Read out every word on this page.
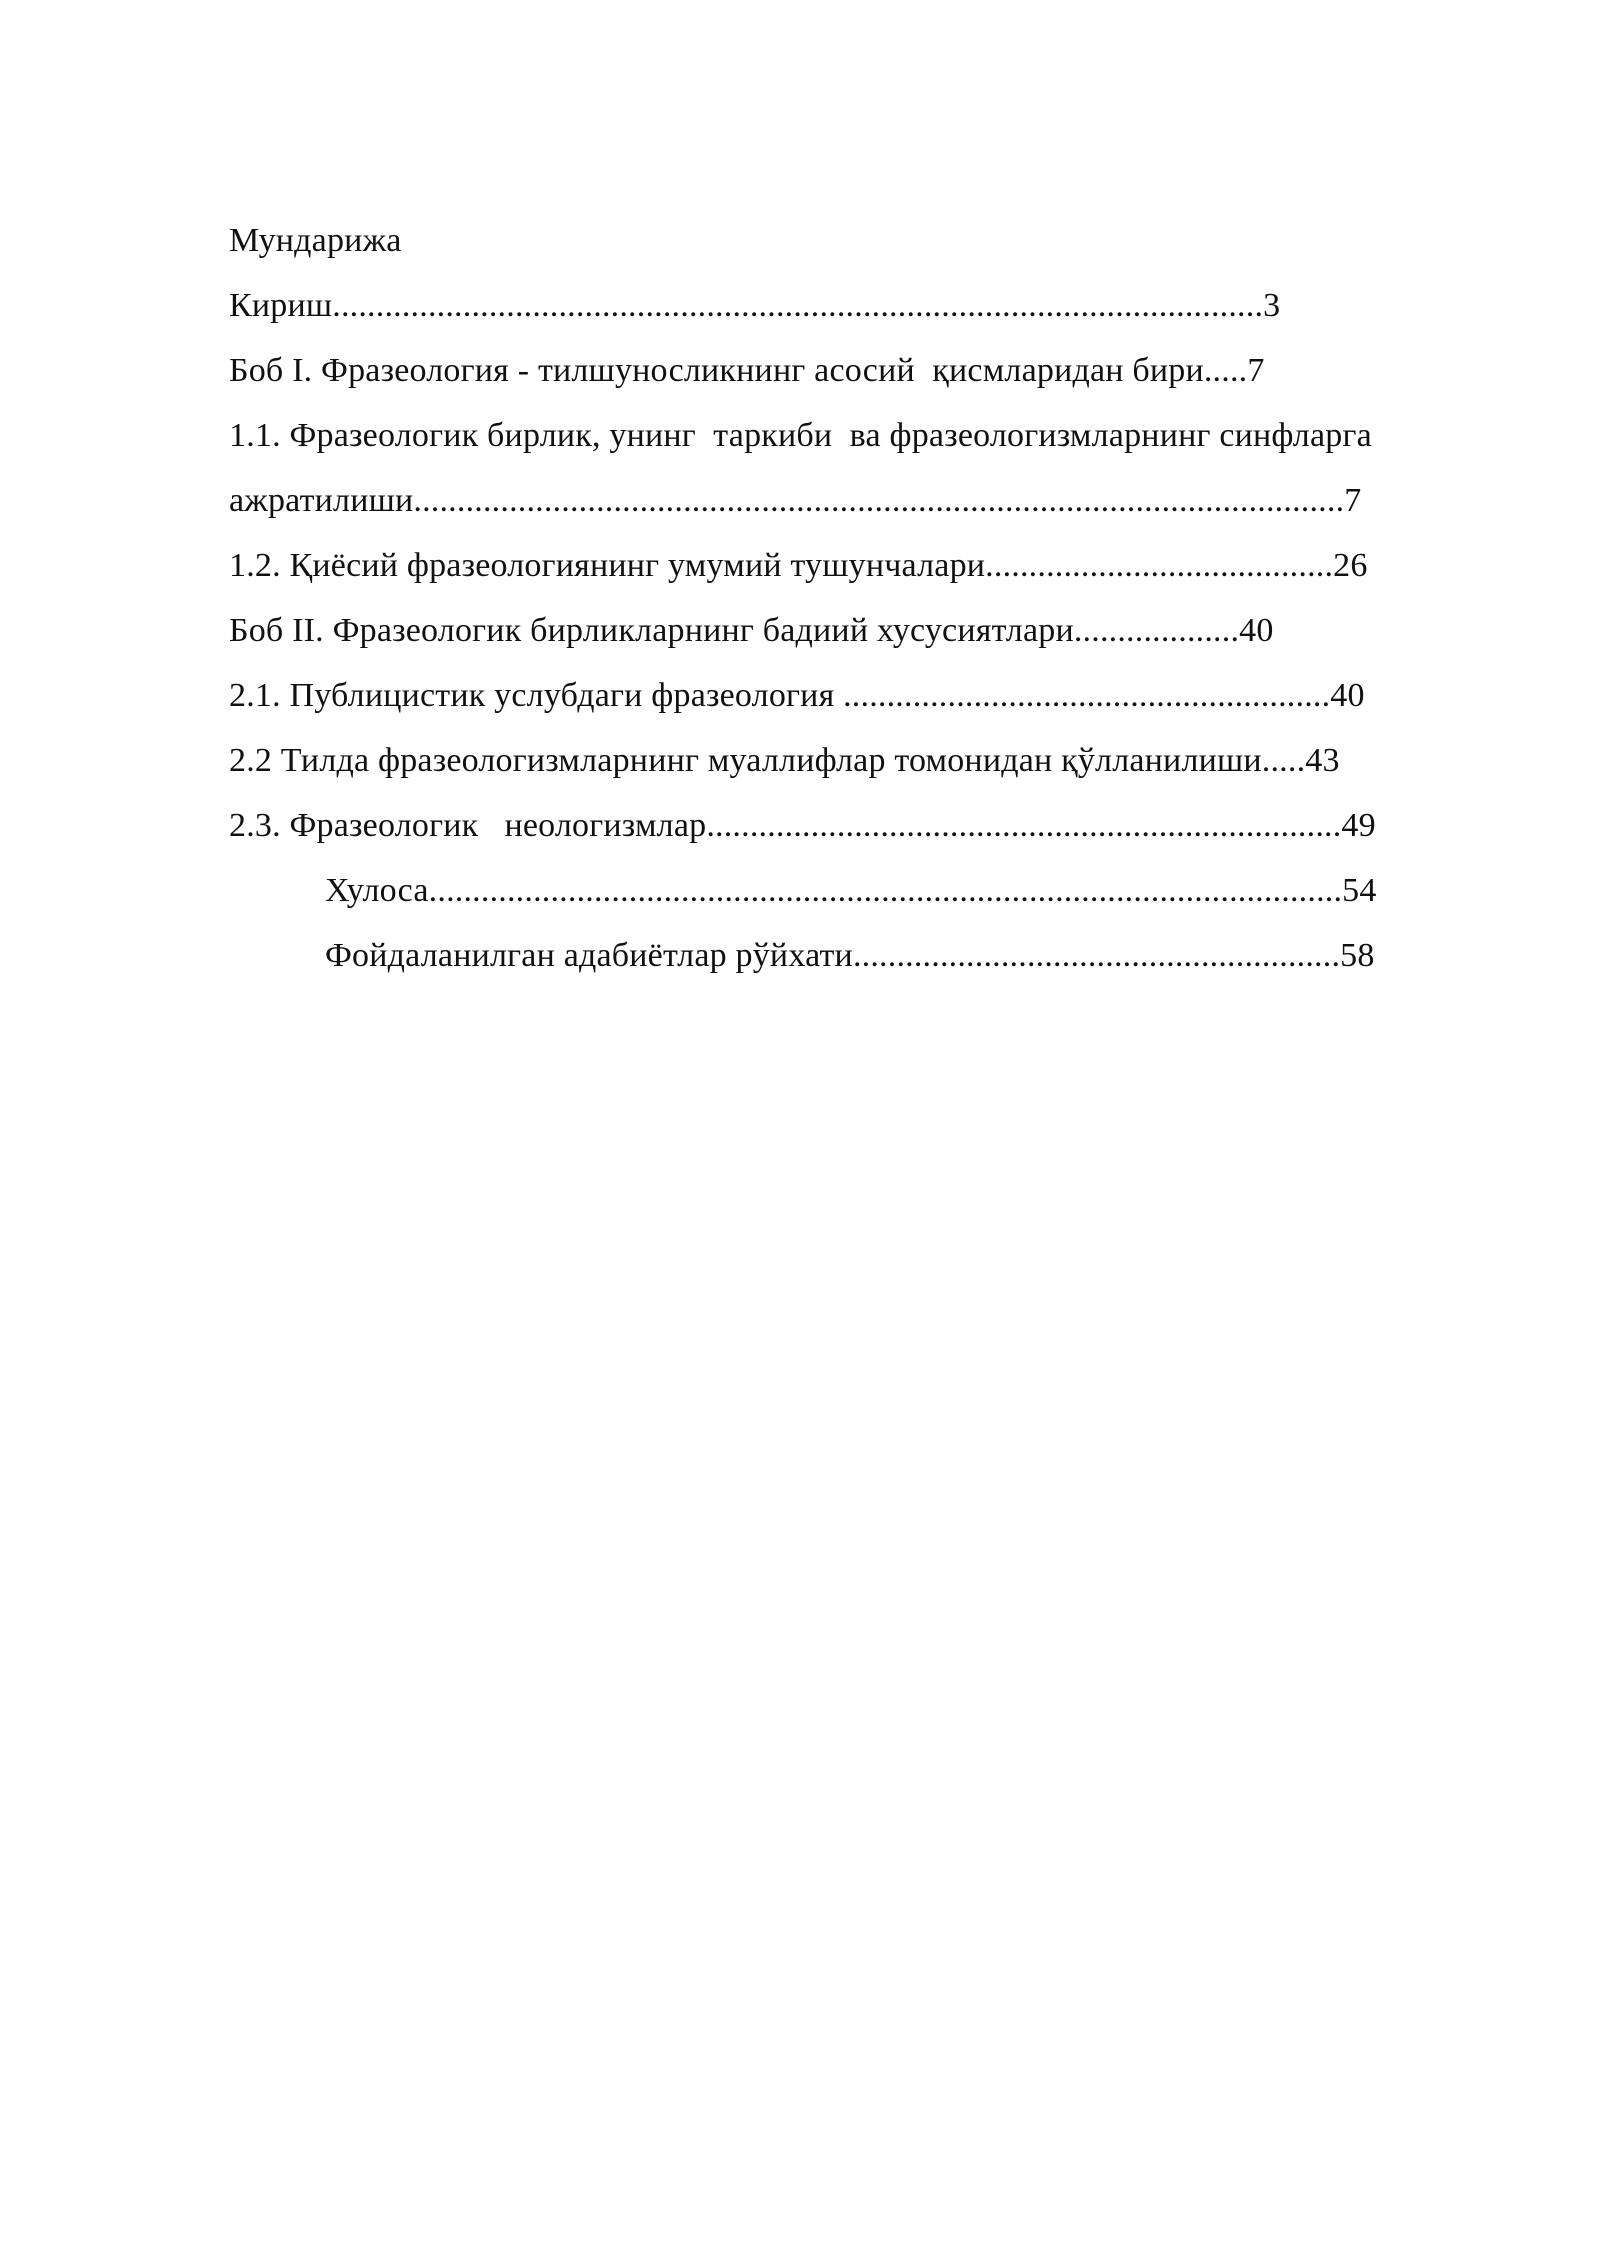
Мундарижа
Кириш...........................................................................................................3
Боб I. Фразеология - тилшуносликнинг асосий  қисмларидан бири.....7
1.1. Фразеологик бирлик, унинг  таркиби  ва фразеологизмларнинг синфларга
ажратилиши...........................................................................................................7
1.2. Қиёсий фразеологиянинг умумий тушунчалари........................................26
Боб II. Фразеологик бирликларнинг бадиий хусусиятлари...................40
2.1. Публицистик услубдаги фразеология ........................................................40
2.2 Тилда фразеологизмларнинг муаллифлар томонидан қўлланилиши.....43
2.3. Фразеологик   неологизмлар.........................................................................49
Хулоса.........................................................................................................54
Фойдаланилган адабиётлар рўйхати........................................................58
